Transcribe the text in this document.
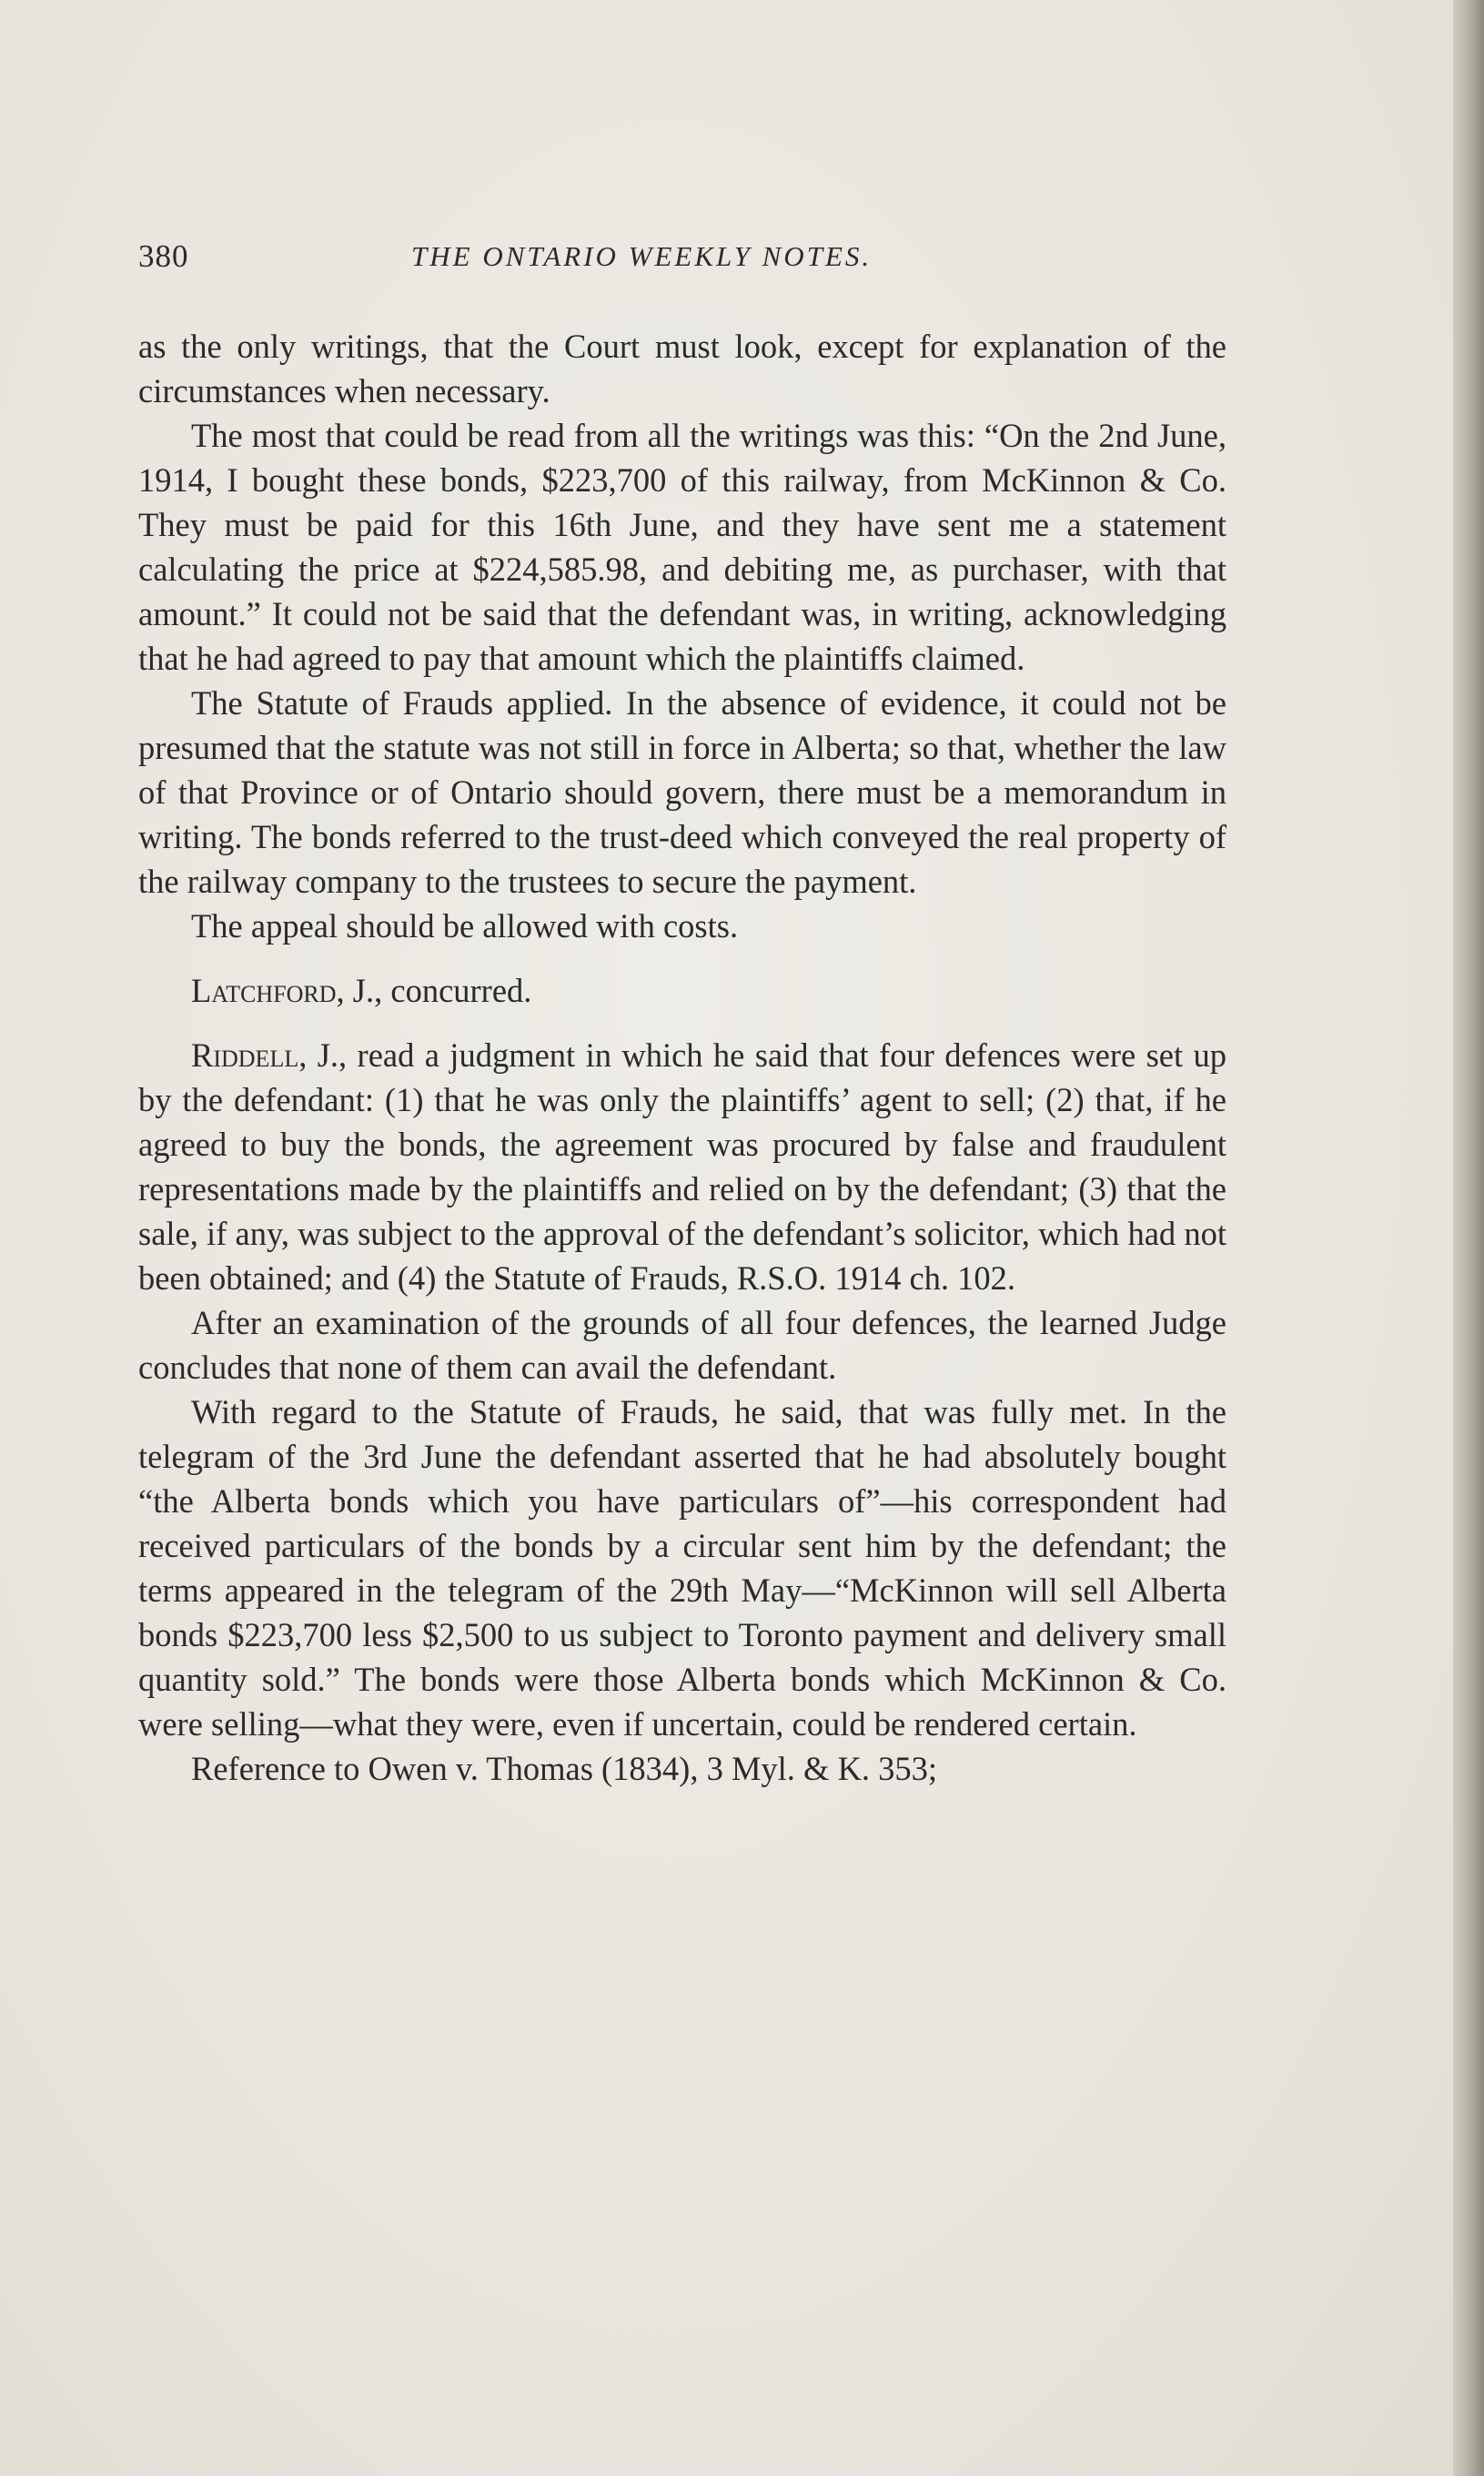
380	THE ONTARIO WEEKLY NOTES.

as the only writings, that the Court must look, except for explanation of the circumstances when necessary.

The most that could be read from all the writings was this: “On the 2nd June, 1914, I bought these bonds, $223,700 of this railway, from McKinnon & Co. They must be paid for this 16th June, and they have sent me a statement calculating the price at $224,585.98, and debiting me, as purchaser, with that amount.” It could not be said that the defendant was, in writing, acknowledging that he had agreed to pay that amount which the plaintiffs claimed.

The Statute of Frauds applied. In the absence of evidence, it could not be presumed that the statute was not still in force in Alberta; so that, whether the law of that Province or of Ontario should govern, there must be a memorandum in writing. The bonds referred to the trust-deed which conveyed the real property of the railway company to the trustees to secure the payment.

The appeal should be allowed with costs.

Latchford, J., concurred.

Riddell, J., read a judgment in which he said that four defences were set up by the defendant: (1) that he was only the plaintiffs’ agent to sell; (2) that, if he agreed to buy the bonds, the agreement was procured by false and fraudulent representations made by the plaintiffs and relied on by the defendant; (3) that the sale, if any, was subject to the approval of the defendant’s solicitor, which had not been obtained; and (4) the Statute of Frauds, R.S.O. 1914 ch. 102.

After an examination of the grounds of all four defences, the learned Judge concludes that none of them can avail the defendant.

With regard to the Statute of Frauds, he said, that was fully met. In the telegram of the 3rd June the defendant asserted that he had absolutely bought “the Alberta bonds which you have particulars of”—his correspondent had received particulars of the bonds by a circular sent him by the defendant; the terms appeared in the telegram of the 29th May—“McKinnon will sell Alberta bonds $223,700 less $2,500 to us subject to Toronto payment and delivery small quantity sold.” The bonds were those Alberta bonds which McKinnon & Co. were selling—what they were, even if uncertain, could be rendered certain.

Reference to Owen v. Thomas (1834), 3 Myl. & K. 353;
